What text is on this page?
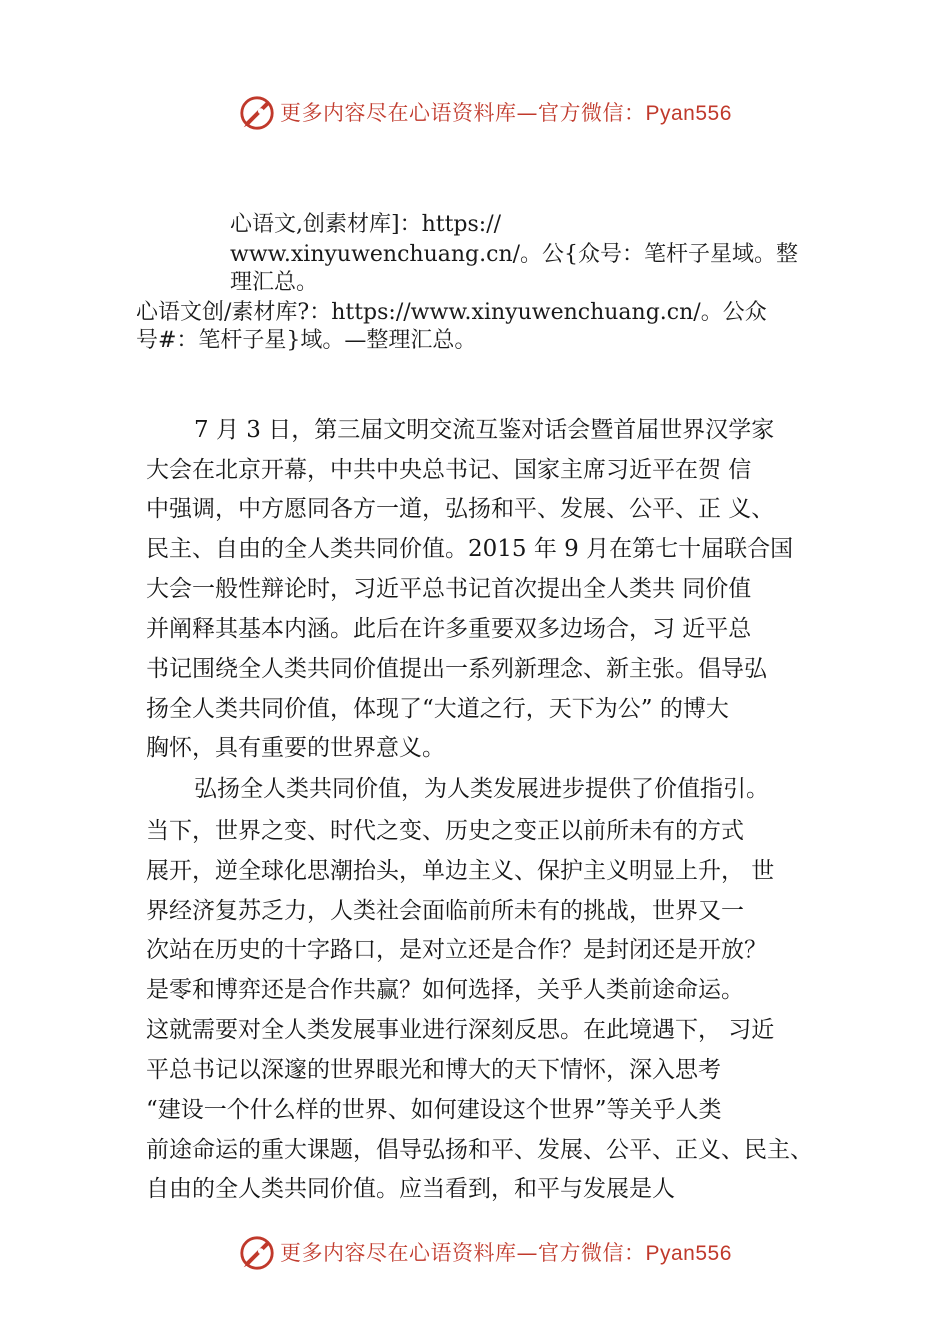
更多内容尽在心语资料库—官方微信：Pyan556
心语文,创素材库]：https://
www.xinyuwenchuang.cn/。公{众号：笔杆子星域。整
理汇总。
心语文创/素材库?：https://www.xinyuwenchuang.cn/。公众
号#：笔杆子星}域。—整理汇总。
7 月 3 日，第三届文明交流互鉴对话会暨首届世界汉学家
大会在北京开幕，中共中央总书记、国家主席习近平在贺 信
中强调，中方愿同各方一道，弘扬和平、发展、公平、正 义、
民主、自由的全人类共同价值。2015 年 9 月在第七十届联合国
大会一般性辩论时，习近平总书记首次提出全人类共 同价值
并阐释其基本内涵。此后在许多重要双多边场合，习 近平总
书记围绕全人类共同价值提出一系列新理念、新主张。倡导弘
扬全人类共同价值，体现了“大道之行，天下为公” 的博大
胸怀，具有重要的世界意义。
弘扬全人类共同价值，为人类发展进步提供了价值指引。
当下，世界之变、时代之变、历史之变正以前所未有的方式
展开，逆全球化思潮抬头，单边主义、保护主义明显上升， 世
界经济复苏乏力，人类社会面临前所未有的挑战，世界又一
次站在历史的十字路口，是对立还是合作？是封闭还是开放？
是零和博弈还是合作共赢？如何选择，关乎人类前途命运。
这就需要对全人类发展事业进行深刻反思。在此境遇下， 习近
平总书记以深邃的世界眼光和博大的天下情怀，深入思考
“建设一个什么样的世界、如何建设这个世界”等关乎人类
前途命运的重大课题，倡导弘扬和平、发展、公平、正义、民主、
自由的全人类共同价值。应当看到，和平与发展是人
更多内容尽在心语资料库—官方微信：Pyan556
